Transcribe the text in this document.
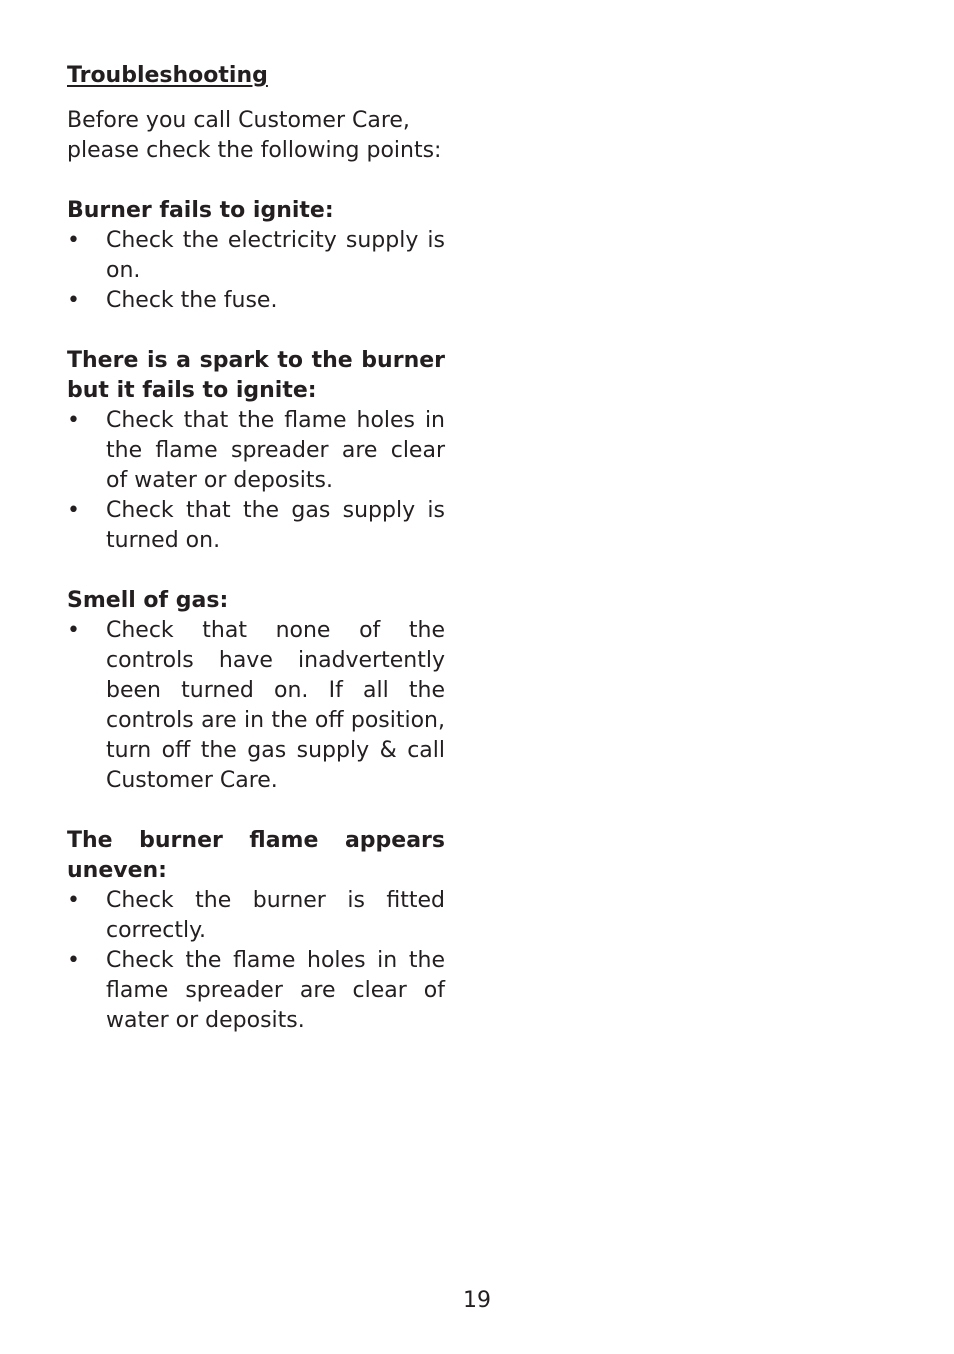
Troubleshooting

Before you call Customer Care, please check the following points:

Burner fails to ignite:

• Check the electricity supply is on.
• Check the fuse.

There is a spark to the burner but it fails to ignite:

• Check that the flame holes in the flame spreader are clear of water or deposits.
• Check that the gas supply is turned on.

Smell of gas:

• Check that none of the controls have inadvertently been turned on. If all the controls are in the off position, turn off the gas supply & call Customer Care.

The burner flame appears uneven:

• Check the burner is fitted correctly.
• Check the flame holes in the flame spreader are clear of water or deposits.
19
